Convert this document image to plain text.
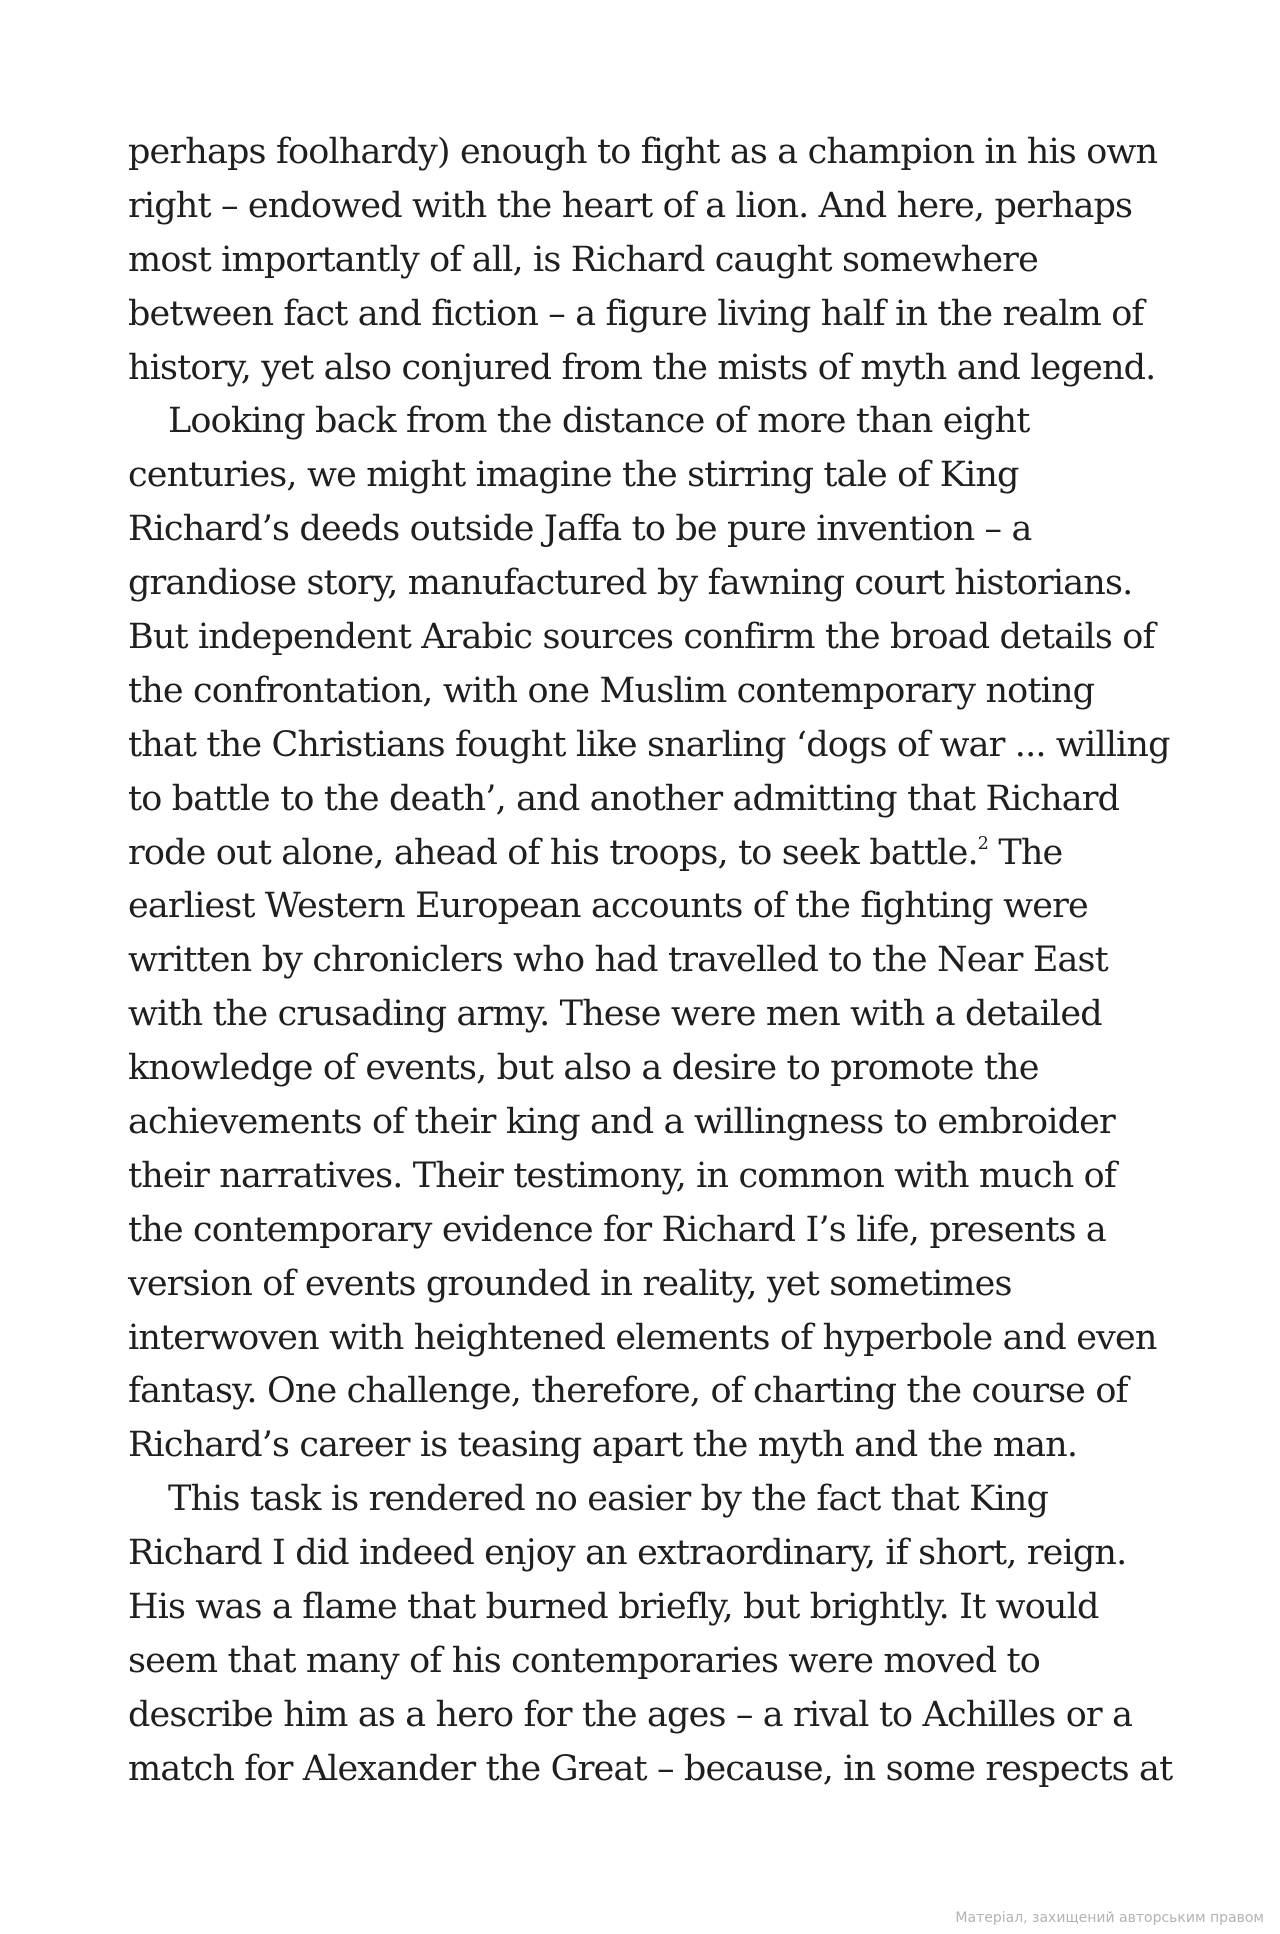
perhaps foolhardy) enough to fight as a champion in his own
right – endowed with the heart of a lion. And here, perhaps
most importantly of all, is Richard caught somewhere
between fact and fiction – a figure living half in the realm of
history, yet also conjured from the mists of myth and legend.
Looking back from the distance of more than eight
centuries, we might imagine the stirring tale of King
Richard’s deeds outside Jaffa to be pure invention – a
grandiose story, manufactured by fawning court historians.
But independent Arabic sources confirm the broad details of
the confrontation, with one Muslim contemporary noting
that the Christians fought like snarling ‘dogs of war ... willing
to battle to the death’, and another admitting that Richard
rode out alone, ahead of his troops, to seek battle.$^2$ The
earliest Western European accounts of the fighting were
written by chroniclers who had travelled to the Near East
with the crusading army. These were men with a detailed
knowledge of events, but also a desire to promote the
achievements of their king and a willingness to embroider
their narratives. Their testimony, in common with much of
the contemporary evidence for Richard I’s life, presents a
version of events grounded in reality, yet sometimes
interwoven with heightened elements of hyperbole and even
fantasy. One challenge, therefore, of charting the course of
Richard’s career is teasing apart the myth and the man.
This task is rendered no easier by the fact that King
Richard I did indeed enjoy an extraordinary, if short, reign.
His was a flame that burned briefly, but brightly. It would
seem that many of his contemporaries were moved to
describe him as a hero for the ages – a rival to Achilles or a
match for Alexander the Great – because, in some respects at
Матеріал, захищений авторським правом
